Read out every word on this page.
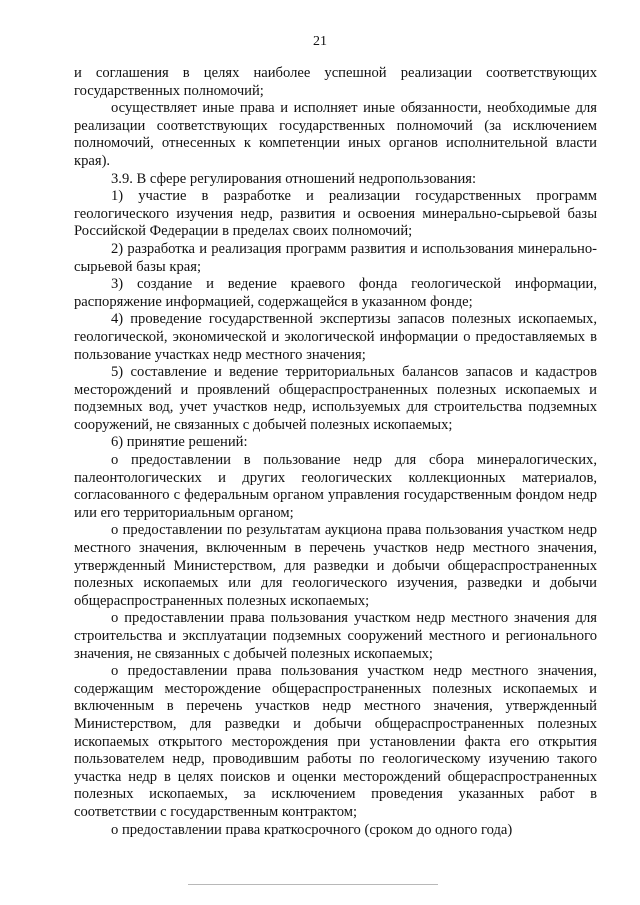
21

и соглашения в целях наиболее успешной реализации соответствующих государственных полномочий;

осуществляет иные права и исполняет иные обязанности, необходимые для реализации соответствующих государственных полномочий (за исключением полномочий, отнесенных к компетенции иных органов исполнительной власти края).

3.9. В сфере регулирования отношений недропользования:

1) участие в разработке и реализации государственных программ геологического изучения недр, развития и освоения минерально-сырьевой базы Российской Федерации в пределах своих полномочий;

2) разработка и реализация программ развития и использования минерально-сырьевой базы края;

3) создание и ведение краевого фонда геологической информации, распоряжение информацией, содержащейся в указанном фонде;

4) проведение государственной экспертизы запасов полезных ископаемых, геологической, экономической и экологической информации о предоставляемых в пользование участках недр местного значения;

5) составление и ведение территориальных балансов запасов и кадастров месторождений и проявлений общераспространенных полезных ископаемых и подземных вод, учет участков недр, используемых для строительства подземных сооружений, не связанных с добычей полезных ископаемых;

6) принятие решений:

о предоставлении в пользование недр для сбора минералогических, палеонтологических и других геологических коллекционных материалов, согласованного с федеральным органом управления государственным фондом недр или его территориальным органом;

о предоставлении по результатам аукциона права пользования участком недр местного значения, включенным в перечень участков недр местного значения, утвержденный Министерством, для разведки и добычи общераспространенных полезных ископаемых или для геологического изучения, разведки и добычи общераспространенных полезных ископаемых;

о предоставлении права пользования участком недр местного значения для строительства и эксплуатации подземных сооружений местного и регионального значения, не связанных с добычей полезных ископаемых;

о предоставлении права пользования участком недр местного значения, содержащим месторождение общераспространенных полезных ископаемых и включенным в перечень участков недр местного значения, утвержденный Министерством, для разведки и добычи общераспространенных полезных ископаемых открытого месторождения при установлении факта его открытия пользователем недр, проводившим работы по геологическому изучению такого участка недр в целях поисков и оценки месторождений общераспространенных полезных ископаемых, за исключением проведения указанных работ в соответствии с государственным контрактом;

о предоставлении права краткосрочного (сроком до одного года)
